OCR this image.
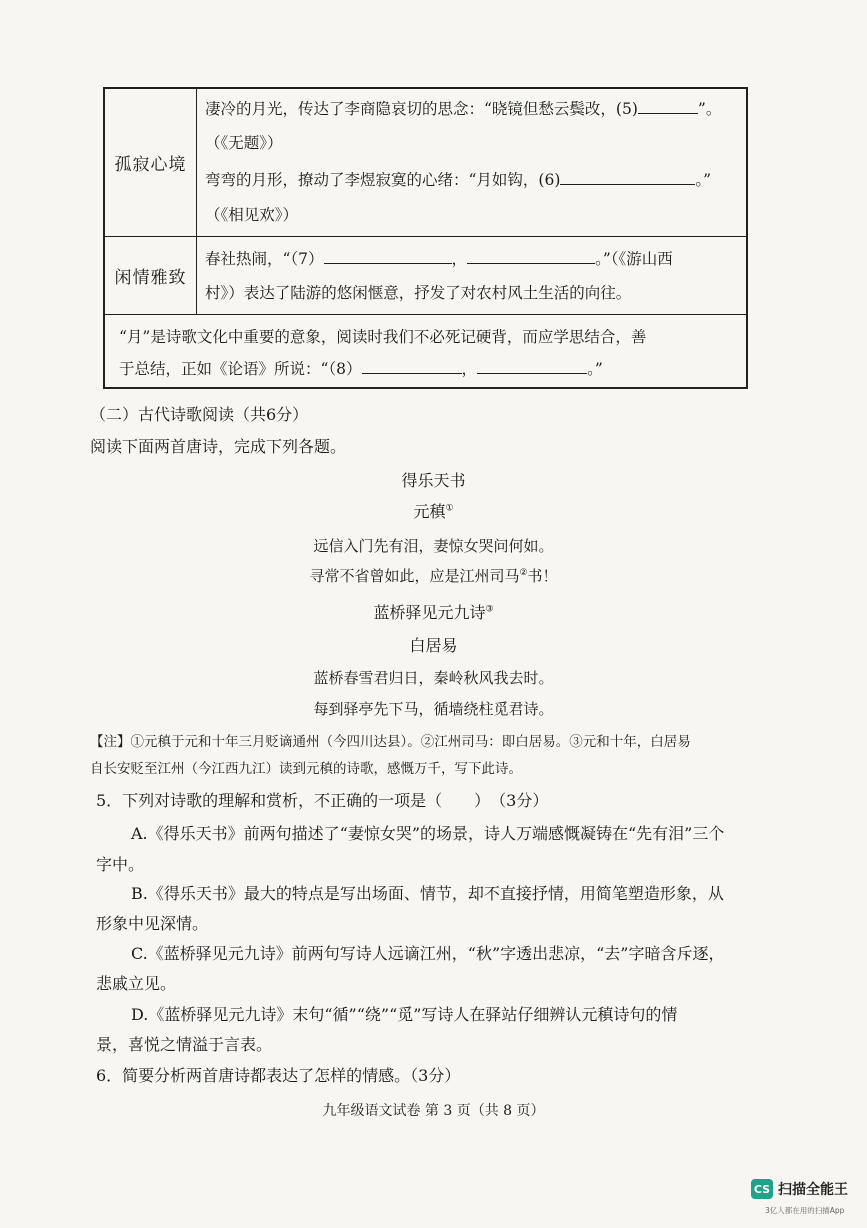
孤寂心境
凄冷的月光，传达了李商隐哀切的思念：“晓镜但愁云鬓改，(5)	”。
（《无题》）
弯弯的月形，撩动了李煜寂寞的心绪：“月如钩，(6)	。”
（《相见欢》）
闲情雅致
春社热闹，“（7）	，	。”（《游山西
村》）表达了陆游的悠闲惬意，抒发了对农村风土生活的向往。
“月”是诗歌文化中重要的意象，阅读时我们不必死记硬背，而应学思结合，善
于总结，正如《论语》所说：“（8）	，	。”
（二）古代诗歌阅读（共6分）
阅读下面两首唐诗，完成下列各题。
得乐天书
元稹①
远信入门先有泪，妻惊女哭问何如。
寻常不省曾如此，应是江州司马②书！
蓝桥驿见元九诗③
白居易
蓝桥春雪君归日，秦岭秋风我去时。
每到驿亭先下马，循墙绕柱觅君诗。
【注】①元稹于元和十年三月贬谪通州（今四川达县）。②江州司马：即白居易。③元和十年，白居易
自长安贬至江州（今江西九江）读到元稹的诗歌，感慨万千，写下此诗。
5．下列对诗歌的理解和赏析，不正确的一项是（　　）　（3分）
A.《得乐天书》前两句描述了“妻惊女哭”的场景，诗人万端感慨凝铸在“先有泪”三个
字中。
B.《得乐天书》最大的特点是写出场面、情节，却不直接抒情，用简笔塑造形象，从
形象中见深情。
C.《蓝桥驿见元九诗》前两句写诗人远谪江州，“秋”字透出悲凉，“去”字暗含斥逐，
悲戚立见。
D.《蓝桥驿见元九诗》末句“循”“绕”“觅”写诗人在驿站仔细辨认元稹诗句的情
景，喜悦之情溢于言表。
6．简要分析两首唐诗都表达了怎样的情感。（3分）
九年级语文试卷 第 3 页（共 8 页）
CS 扫描全能王
3亿人都在用的扫描App
